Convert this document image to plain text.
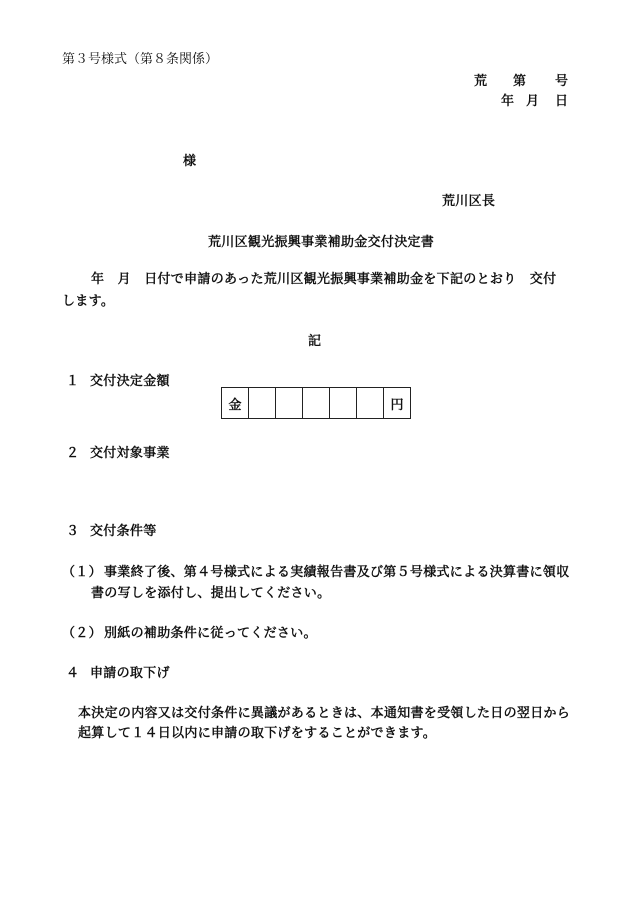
第３号様式（第８条関係）
荒 第 号
年 月 日
様
荒川区長
荒川区観光振興事業補助金交付決定書
年　月　日付で申請のあった荒川区観光振興事業補助金を下記のとおり　交付
します。
記
１ 交付決定金額
金						円
２ 交付対象事業
３ 交付条件等
（１） 事業終了後、第４号様式による実績報告書及び第５号様式による決算書に領収
書の写しを添付し、提出してください。
（２） 別紙の補助条件に従ってください。
４ 申請の取下げ
本決定の内容又は交付条件に異議があるときは、本通知書を受領した日の翌日から
起算して１４日以内に申請の取下げをすることができます。
